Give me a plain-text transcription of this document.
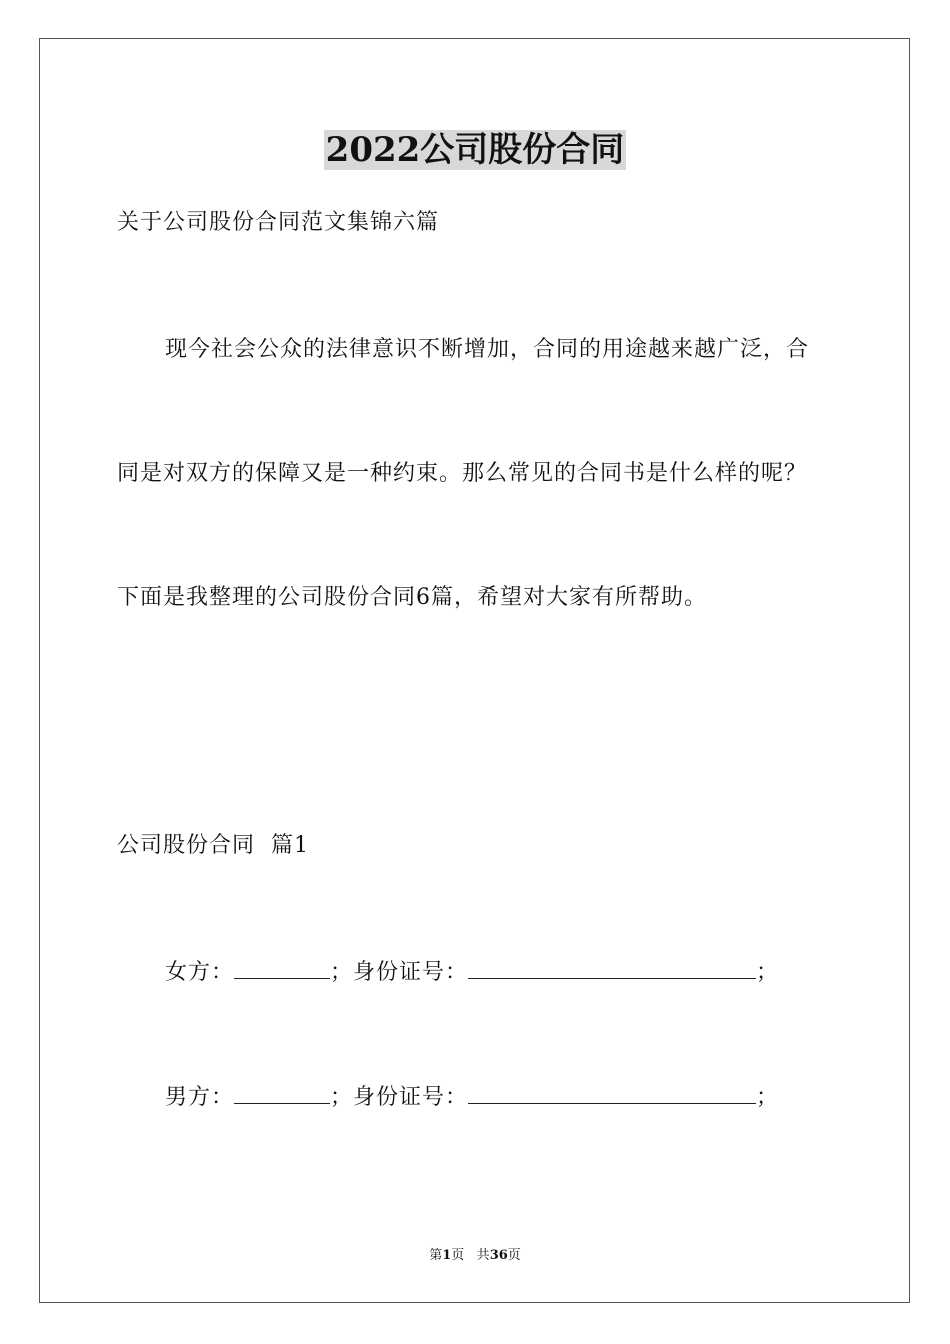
2022公司股份合同
关于公司股份合同范文集锦六篇
现今社会公众的法律意识不断增加，合同的用途越来越广泛，合
同是对双方的保障又是一种约束。那么常见的合同书是什么样的呢？
下面是我整理的公司股份合同6篇，希望对大家有所帮助。
公司股份合同  篇1
女方：	；身份证号：	；
男方：	；身份证号：	；
第1页 共36页
